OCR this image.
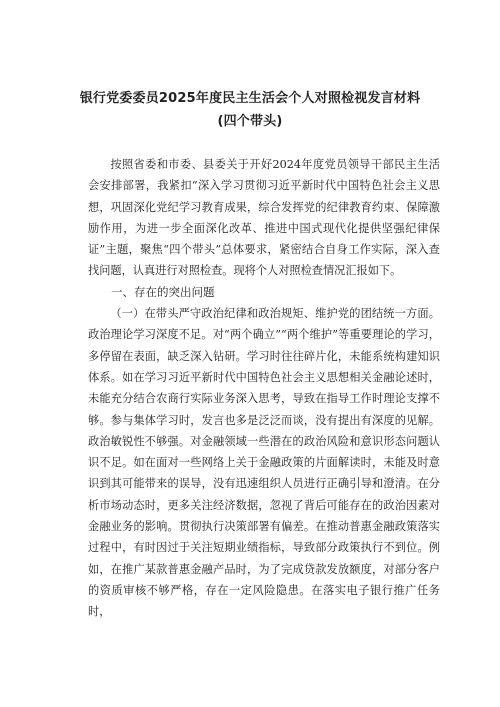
银行党委委员2025年度民主生活会个人对照检视发言材料
(四个带头)

按照省委和市委、县委关于开好2024年度党员领导干部民主生活会安排部署，我紧扣“深入学习贯彻习近平新时代中国特色社会主义思想，巩固深化党纪学习教育成果，综合发挥党的纪律教育约束、保障激励作用，为进一步全面深化改革、推进中国式现代化提供坚强纪律保证”主题，聚焦“四个带头”总体要求，紧密结合自身工作实际，深入查找问题，认真进行对照检查。现将个人对照检查情况汇报如下。

一、存在的突出问题

（一）在带头严守政治纪律和政治规矩、维护党的团结统一方面。政治理论学习深度不足。对“两个确立”“两个维护”等重要理论的学习，多停留在表面，缺乏深入钻研。学习时往往碎片化，未能系统构建知识体系。如在学习习近平新时代中国特色社会主义思想相关金融论述时，未能充分结合农商行实际业务深入思考，导致在指导工作时理论支撑不够。参与集体学习时，发言也多是泛泛而谈，没有提出有深度的见解。政治敏锐性不够强。对金融领域一些潜在的政治风险和意识形态问题认识不足。如在面对一些网络上关于金融政策的片面解读时，未能及时意识到其可能带来的误导，没有迅速组织人员进行正确引导和澄清。在分析市场动态时，更多关注经济数据，忽视了背后可能存在的政治因素对金融业务的影响。贯彻执行决策部署有偏差。在推动普惠金融政策落实过程中，有时因过于关注短期业绩指标，导致部分政策执行不到位。例如，在推广某款普惠金融产品时，为了完成贷款发放额度，对部分客户的资质审核不够严格，存在一定风险隐患。在落实电子银行推广任务时，
